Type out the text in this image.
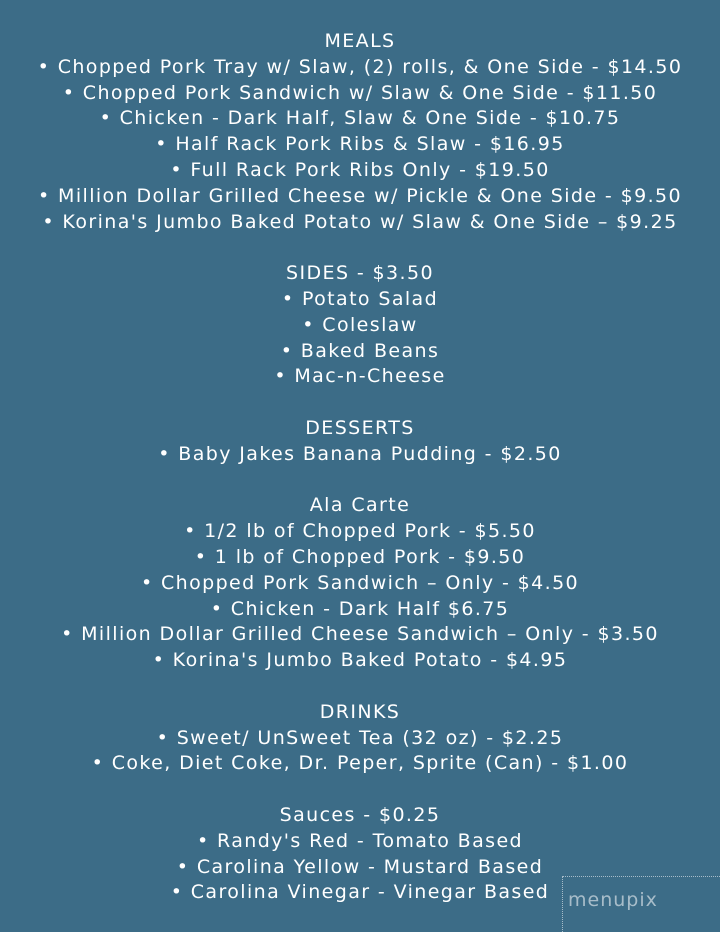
MEALS
• Chopped Pork Tray w/ Slaw, (2) rolls, & One Side - $14.50
• Chopped Pork Sandwich w/ Slaw & One Side - $11.50
• Chicken - Dark Half, Slaw & One Side - $10.75
• Half Rack Pork Ribs & Slaw - $16.95
• Full Rack Pork Ribs Only - $19.50
• Million Dollar Grilled Cheese w/ Pickle & One Side - $9.50
• Korina's Jumbo Baked Potato w/ Slaw & One Side – $9.25
SIDES - $3.50
• Potato Salad
• Coleslaw
• Baked Beans
• Mac-n-Cheese
DESSERTS
• Baby Jakes Banana Pudding - $2.50
Ala Carte
• 1/2 lb of Chopped Pork - $5.50
• 1 lb of Chopped Pork - $9.50
• Chopped Pork Sandwich – Only - $4.50
• Chicken - Dark Half $6.75
• Million Dollar Grilled Cheese Sandwich – Only - $3.50
• Korina's Jumbo Baked Potato - $4.95
DRINKS
• Sweet/ UnSweet Tea (32 oz) - $2.25
• Coke, Diet Coke, Dr. Peper, Sprite (Can) - $1.00
Sauces - $0.25
• Randy's Red - Tomato Based
• Carolina Yellow - Mustard Based
• Carolina Vinegar - Vinegar Based menupix
